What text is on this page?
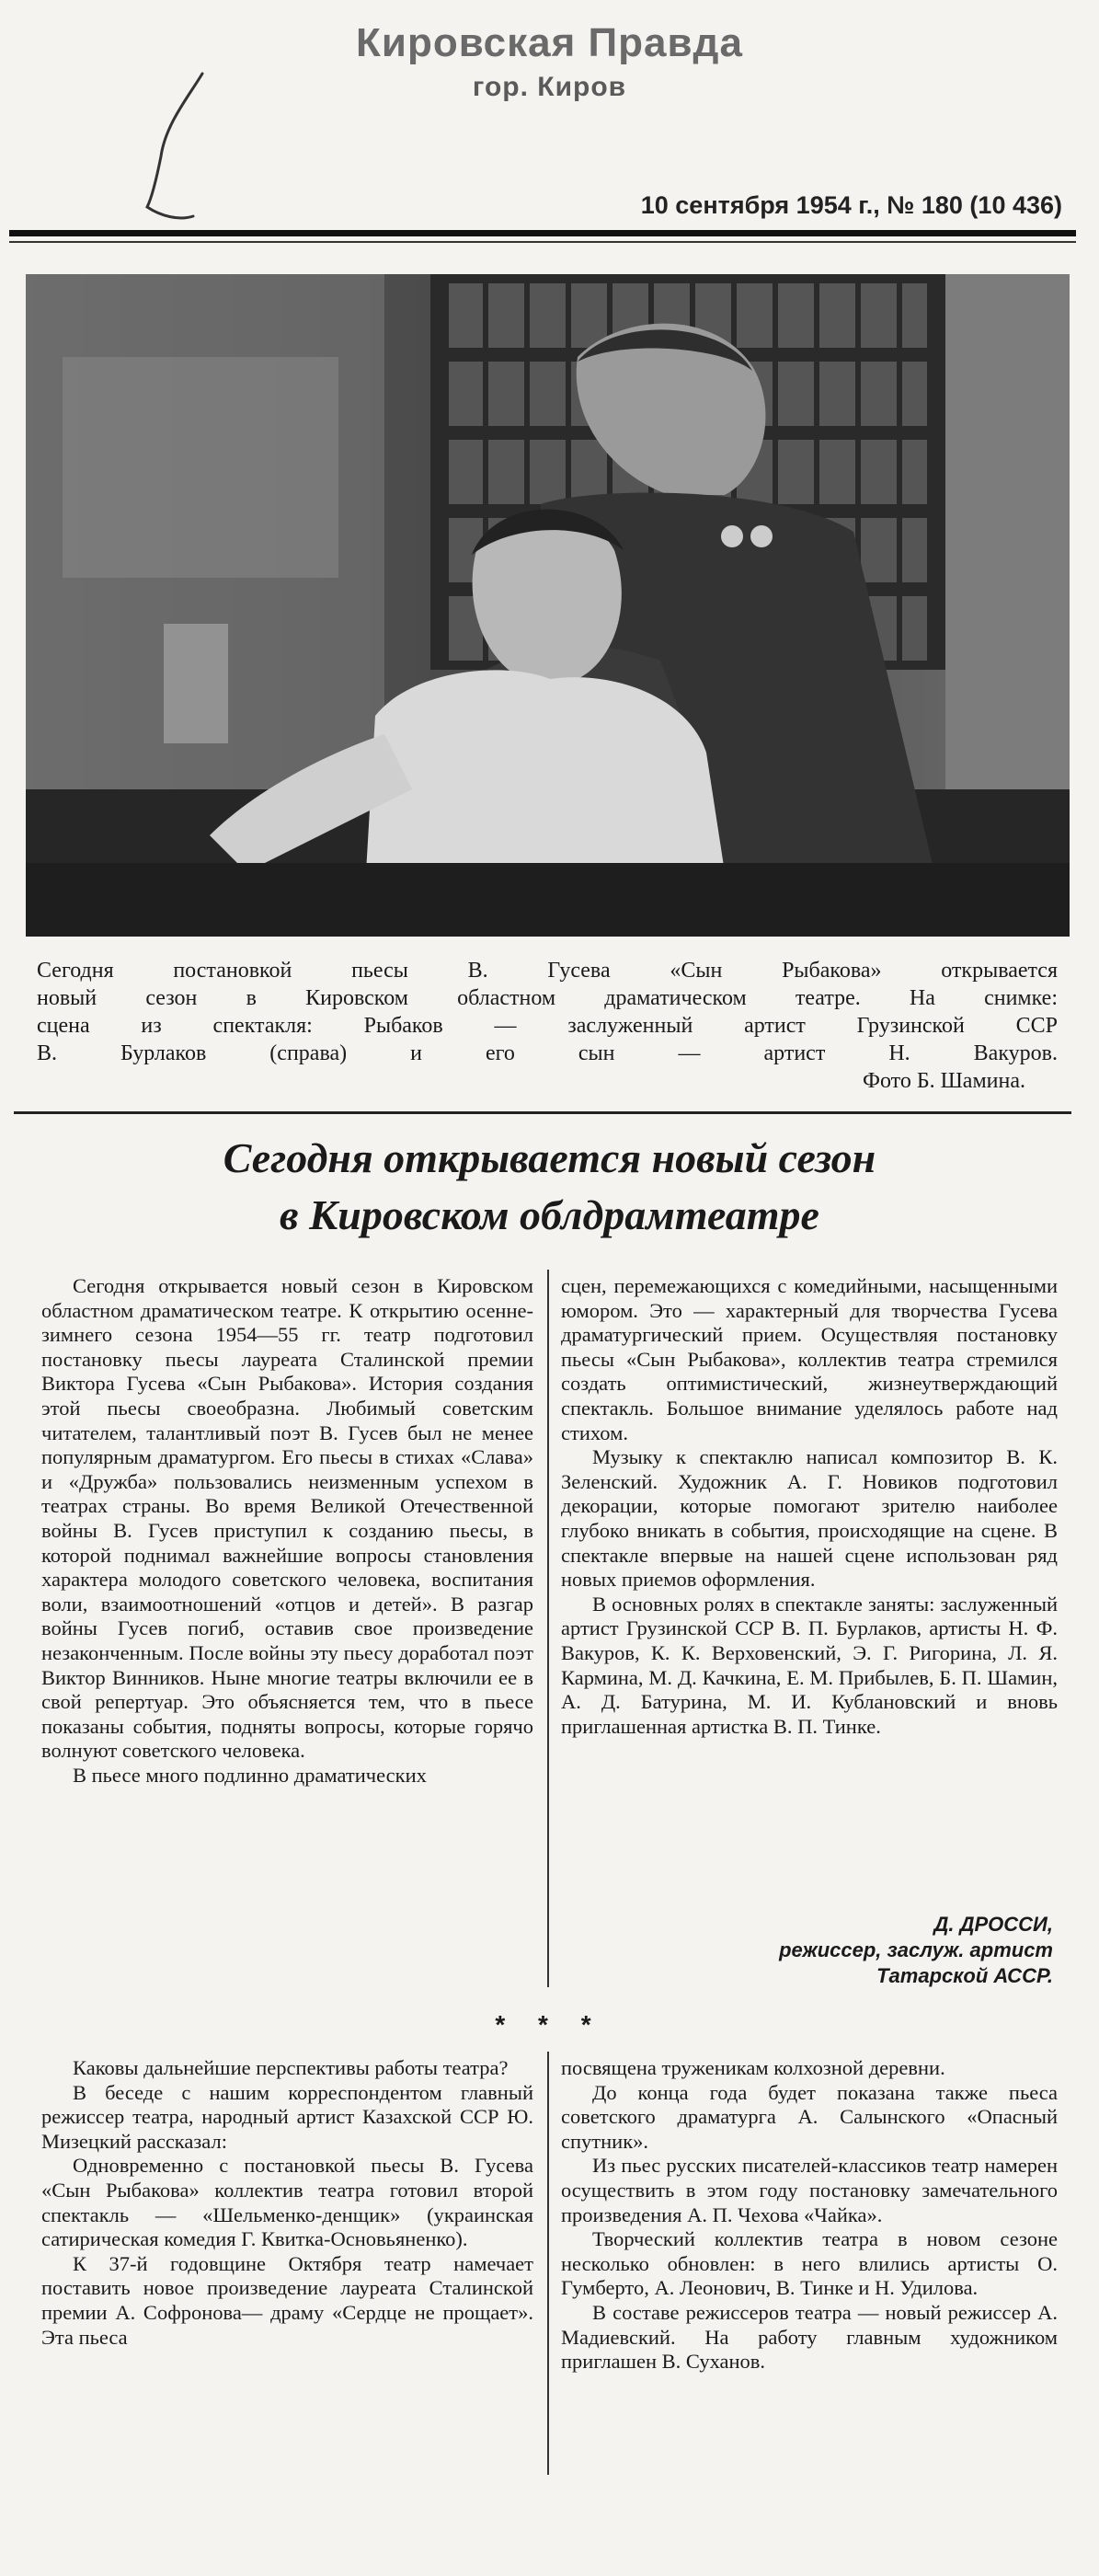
Кировская Правда
гор. Киров
10 сентября 1954 г., № 180 (10 436)
Сегодня постановкой пьесы В. Гусева «Сын Рыбакова» открывается
новый сезон в Кировском областном драматическом театре. На снимке:
сцена из спектакля: Рыбаков — заслуженный артист Грузинской ССР
В. Бурлаков (справа) и его сын — артист Н. Вакуров.
Фото Б. Шамина.
Сегодня открывается новый сезон
в Кировском облдрамтеатре

Сегодня открывается новый сезон в Кировском областном драматическом театре. К открытию осенне-зимнего сезона 1954—55 гг. театр подготовил постановку пьесы лауреата Сталинской премии Виктора Гусева «Сын Рыбакова». История создания этой пьесы своеобразна. Любимый советским читателем, талантливый поэт В. Гусев был не менее популярным драматургом. Его пьесы в стихах «Слава» и «Дружба» пользовались неизменным успехом в театрах страны. Во время Великой Отечественной войны В. Гусев приступил к созданию пьесы, в которой поднимал важнейшие вопросы становления характера молодого советского человека, воспитания воли, взаимоотношений «отцов и детей». В разгар войны Гусев погиб, оставив свое произведение незаконченным. После войны эту пьесу доработал поэт Виктор Винников. Ныне многие театры включили ее в свой репертуар. Это объясняется тем, что в пьесе показаны события, подняты вопросы, которые горячо волнуют советского человека.

В пьесе много подлинно драматических

сцен, перемежающихся с комедийными, насыщенными юмором. Это — характерный для творчества Гусева драматургический прием. Осуществляя постановку пьесы «Сын Рыбакова», коллектив театра стремился создать оптимистический, жизнеутверждающий спектакль. Большое внимание уделялось работе над стихом.

Музыку к спектаклю написал композитор В. К. Зеленский. Художник А. Г. Новиков подготовил декорации, которые помогают зрителю наиболее глубоко вникать в события, происходящие на сцене. В спектакле впервые на нашей сцене использован ряд новых приемов оформления.

В основных ролях в спектакле заняты: заслуженный артист Грузинской ССР В. П. Бурлаков, артисты Н. Ф. Вакуров, К. К. Верховенский, Э. Г. Ригорина, Л. Я. Кармина, М. Д. Качкина, Е. М. Прибылев, Б. П. Шамин, А. Д. Батурина, М. И. Кублановский и вновь приглашенная артистка В. П. Тинке.

Д. ДРОССИ,
режиссер, заслуж. артист
Татарской АССР.
* * *

Каковы дальнейшие перспективы работы театра?

В беседе с нашим корреспондентом главный режиссер театра, народный артист Казахской ССР Ю. Мизецкий рассказал:

Одновременно с постановкой пьесы В. Гусева «Сын Рыбакова» коллектив театра готовил второй спектакль — «Шельменко-денщик» (украинская сатирическая комедия Г. Квитка-Основьяненко).

К 37-й годовщине Октября театр намечает поставить новое произведение лауреата Сталинской премии А. Софронова— драму «Сердце не прощает». Эта пьеса

посвящена труженикам колхозной деревни.

До конца года будет показана также пьеса советского драматурга А. Салынского «Опасный спутник».

Из пьес русских писателей-классиков театр намерен осуществить в этом году постановку замечательного произведения А. П. Чехова «Чайка».

Творческий коллектив театра в новом сезоне несколько обновлен: в него влились артисты О. Гумберто, А. Леонович, В. Тинке и Н. Удилова.

В составе режиссеров театра — новый режиссер А. Мадиевский. На работу главным художником приглашен В. Суханов.
